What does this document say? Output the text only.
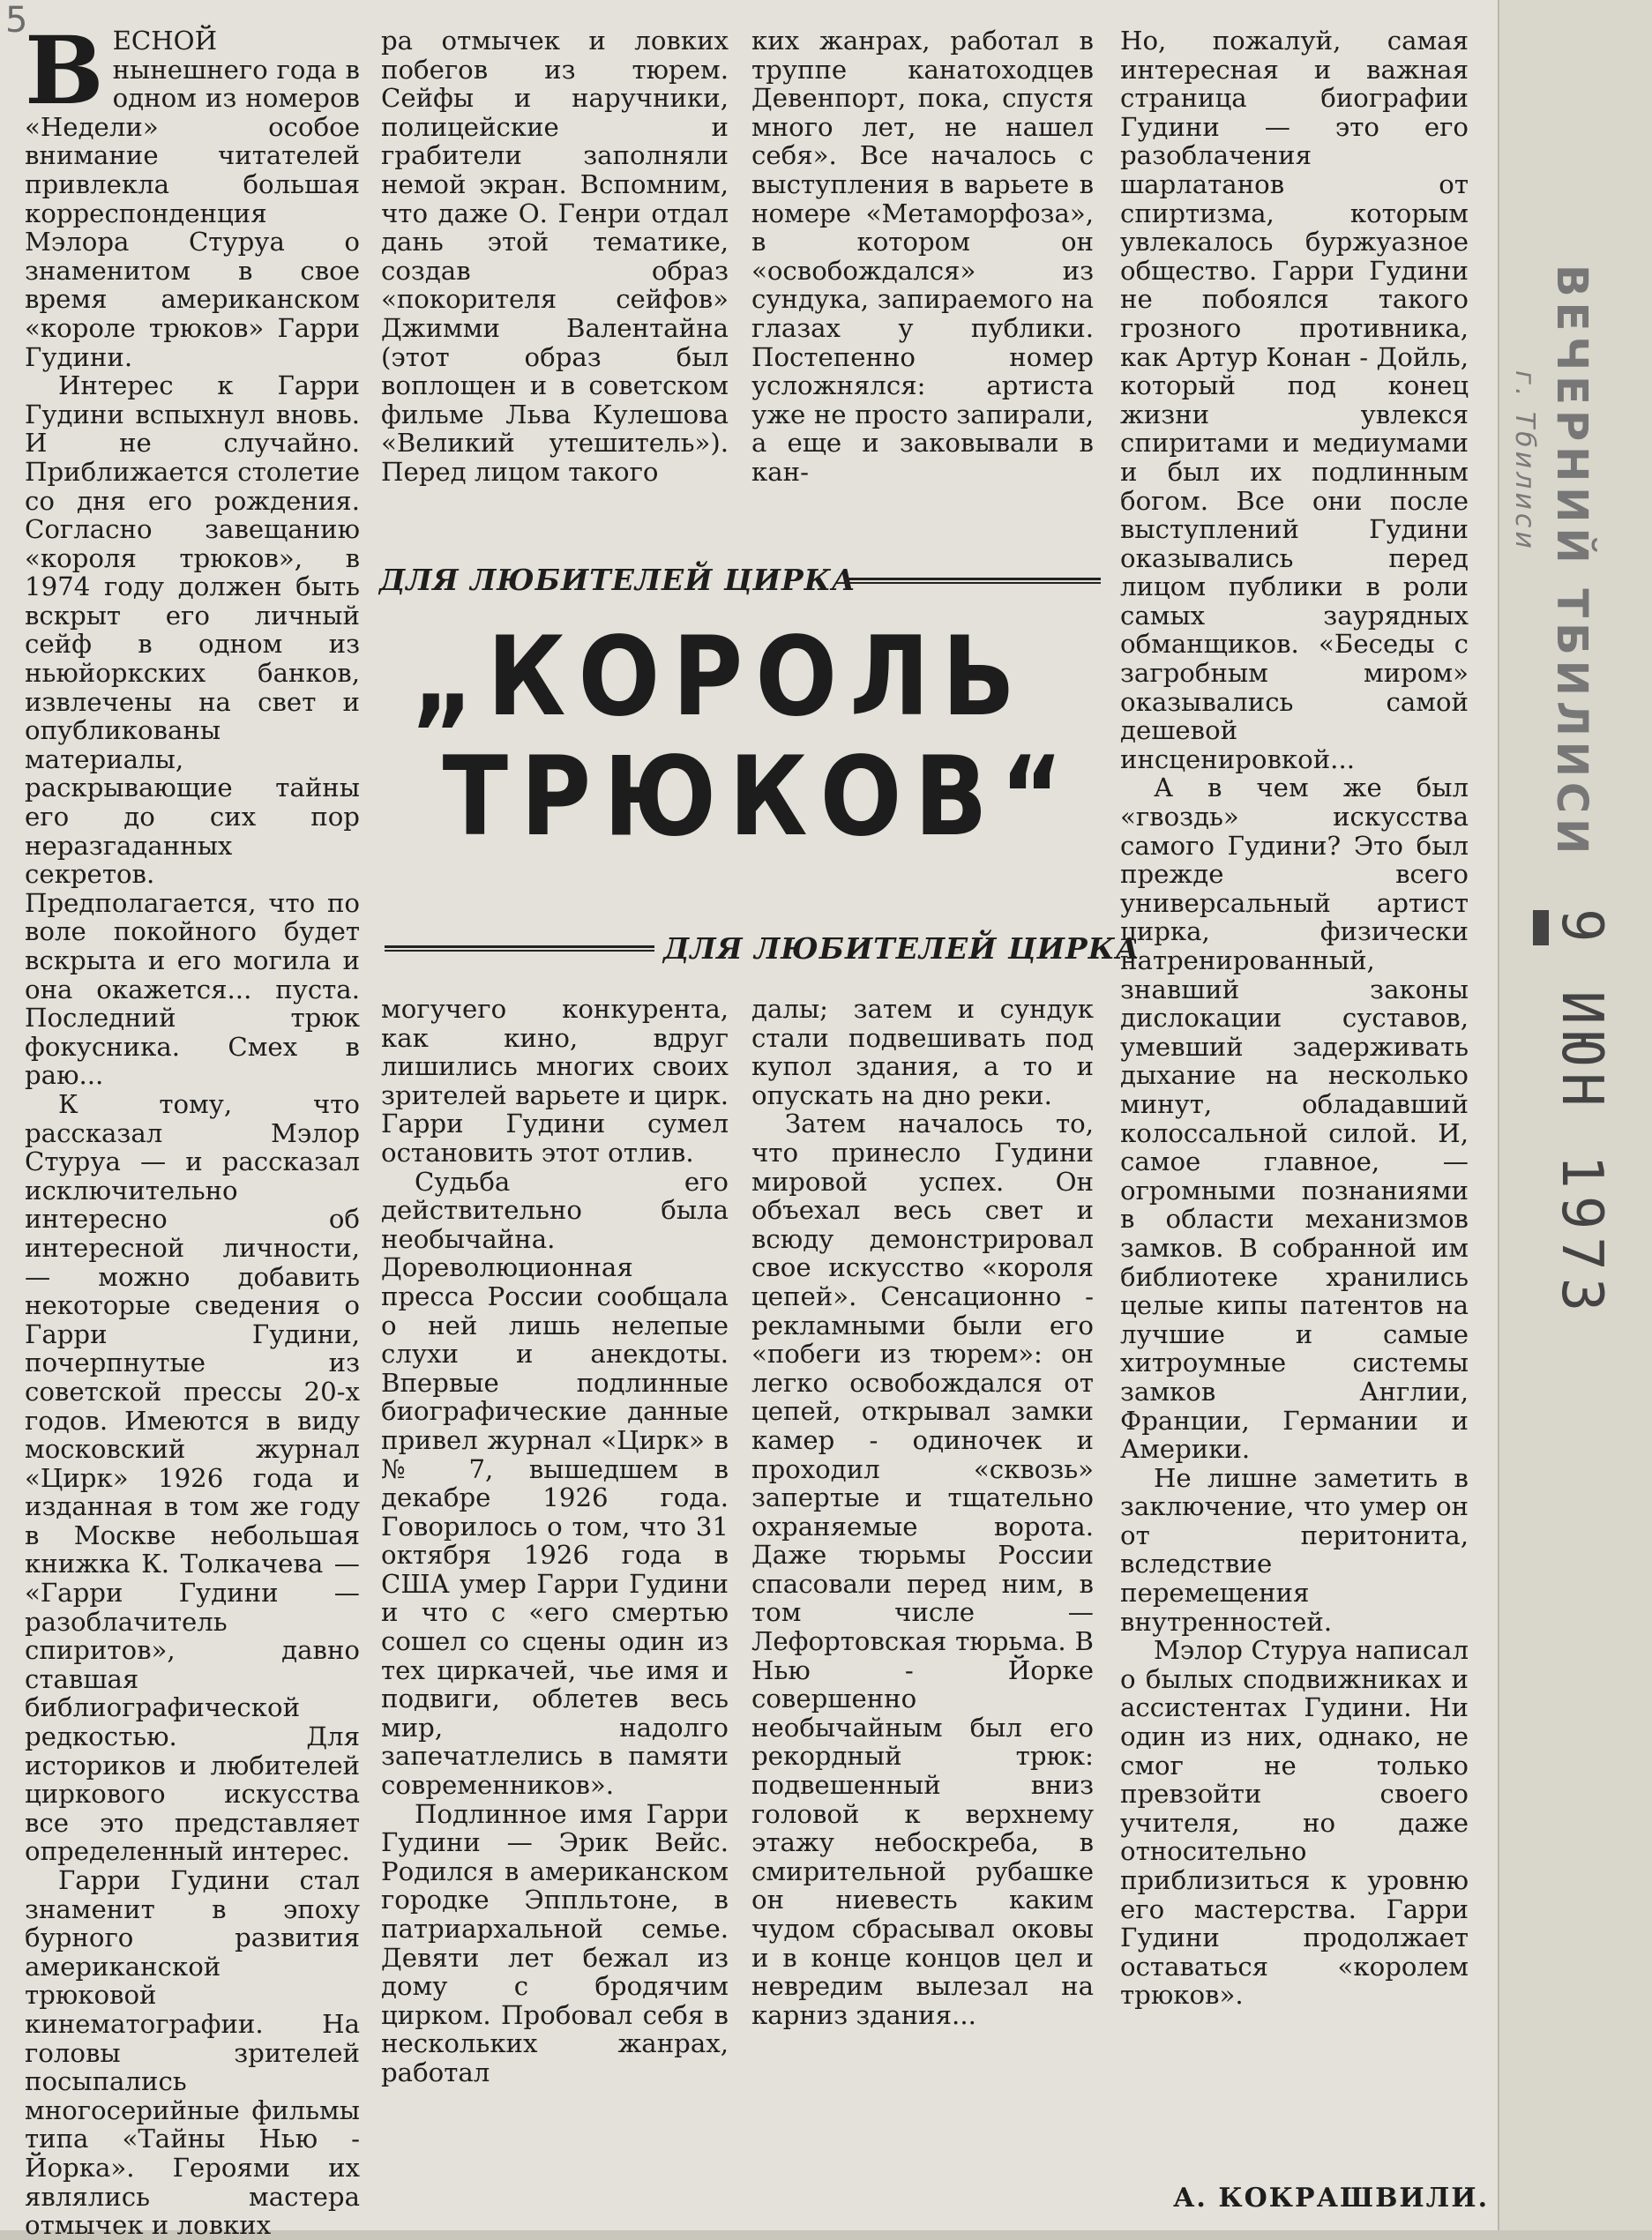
5

ВЕСНОЙ нынешнего года в одном из номеров «Недели» особое внимание читателей привлекла большая корреспонденция Мэлора Стуруа о знаменитом в свое время американском «короле трюков» Гарри Гудини.

Интерес к Гарри Гудини вспыхнул вновь. И не случайно. Приближается столетие со дня его рождения. Согласно завещанию «короля трюков», в 1974 году должен быть вскрыт его личный сейф в одном из ньюйоркских банков, извлечены на свет и опубликованы материалы, раскрывающие тайны его до сих пор неразгаданных секретов. Предполагается, что по воле покойного будет вскрыта и его могила и она окажется... пуста. Последний трюк фокусника. Смех в раю...

К тому, что рассказал Мэлор Стуруа — и рассказал исключительно интересно об интересной личности, — можно добавить некоторые сведения о Гарри Гудини, почерпнутые из советской прессы 20-х годов. Имеются в виду московский журнал «Цирк» 1926 года и изданная в том же году в Москве небольшая книжка К. Толкачева — «Гарри Гудини — разоблачитель спиритов», давно ставшая библиографической редкостью. Для историков и любителей циркового искусства все это представляет определенный интерес.

Гарри Гудини стал знаменит в эпоху бурного развития американской трюковой кинематографии. На головы зрителей посыпались многосерийные фильмы типа «Тайны Нью - Йорка». Героями их являлись мастера отмычек и ловких

ра отмычек и ловких побегов из тюрем. Сейфы и наручники, полицейские и грабители заполняли немой экран. Вспомним, что даже О. Генри отдал дань этой тематике, создав образ «покорителя сейфов» Джимми Валентайна (этот образ был воплощен и в советском фильме Льва Кулешова «Великий утешитель»). Перед лицом такого

ких жанрах, работал в труппе канатоходцев Девенпорт, пока, спустя много лет, не нашел себя». Все началось с выступления в варьете в номере «Метаморфоза», в котором он «освобождался» из сундука, запираемого на глазах у публики. Постепенно номер усложнялся: артиста уже не просто запирали, а еще и заковывали в кан-

ДЛЯ ЛЮБИТЕЛЕЙ ЦИРКА
„КОРОЛЬ
ТРЮКОВ“
ДЛЯ ЛЮБИТЕЛЕЙ ЦИРКА

могучего конкурента, как кино, вдруг лишились многих своих зрителей варьете и цирк. Гарри Гудини сумел остановить этот отлив.

Судьба его действительно была необычайна. Дореволюционная пресса России сообщала о ней лишь нелепые слухи и анекдоты. Впервые подлинные биографические данные привел журнал «Цирк» в № 7, вышедшем в декабре 1926 года. Говорилось о том, что 31 октября 1926 года в США умер Гарри Гудини и что с «его смертью сошел со сцены один из тех циркачей, чье имя и подвиги, облетев весь мир, надолго запечатлелись в памяти современников».

Подлинное имя Гарри Гудини — Эрик Вейс. Родился в американском городке Эппльтоне, в патриархальной семье. Девяти лет бежал из дому с бродячим цирком. Пробовал себя в нескольких жанрах, работал

далы; затем и сундук стали подвешивать под купол здания, а то и опускать на дно реки.

Затем началось то, что принесло Гудини мировой успех. Он объехал весь свет и всюду демонстрировал свое искусство «короля цепей». Сенсационно - рекламными были его «побеги из тюрем»: он легко освобождался от цепей, открывал замки камер - одиночек и проходил «сквозь» запертые и тщательно охраняемые ворота. Даже тюрьмы России спасовали перед ним, в том числе — Лефортовская тюрьма. В Нью - Йорке совершенно необычайным был его рекордный трюк: подвешенный вниз головой к верхнему этажу небоскреба, в смирительной рубашке он ниевесть каким чудом сбрасывал оковы и в конце концов цел и невредим вылезал на карниз здания...

Но, пожалуй, самая интересная и важная страница биографии Гудини — это его разоблачения шарлатанов от спиртизма, которым увлекалось буржуазное общество. Гарри Гудини не побоялся такого грозного противника, как Артур Конан - Дойль, который под конец жизни увлекся спиритами и медиумами и был их подлинным богом. Все они после выступлений Гудини оказывались перед лицом публики в роли самых заурядных обманщиков. «Беседы с загробным миром» оказывались самой дешевой инсценировкой...

А в чем же был «гвоздь» искусства самого Гудини? Это был прежде всего универсальный артист цирка, физически натренированный, знавший законы дислокации суставов, умевший задерживать дыхание на несколько минут, обладавший колоссальной силой. И, самое главное, — огромными познаниями в области механизмов замков. В собранной им библиотеке хранились целые кипы патентов на лучшие и самые хитроумные системы замков Англии, Франции, Германии и Америки.

Не лишне заметить в заключение, что умер он от перитонита, вследствие перемещения внутренностей.

Мэлор Стуруа написал о былых сподвижниках и ассистентах Гудини. Ни один из них, однако, не смог не только превзойти своего учителя, но даже относительно приблизиться к уровню его мастерства. Гарри Гудини продолжает оставаться «королем трюков».

А. КОКРАШВИЛИ.
ВЕЧЕРНИЙ ТБИЛИСИ
г. Тбилиси
9 ИЮН 1973
